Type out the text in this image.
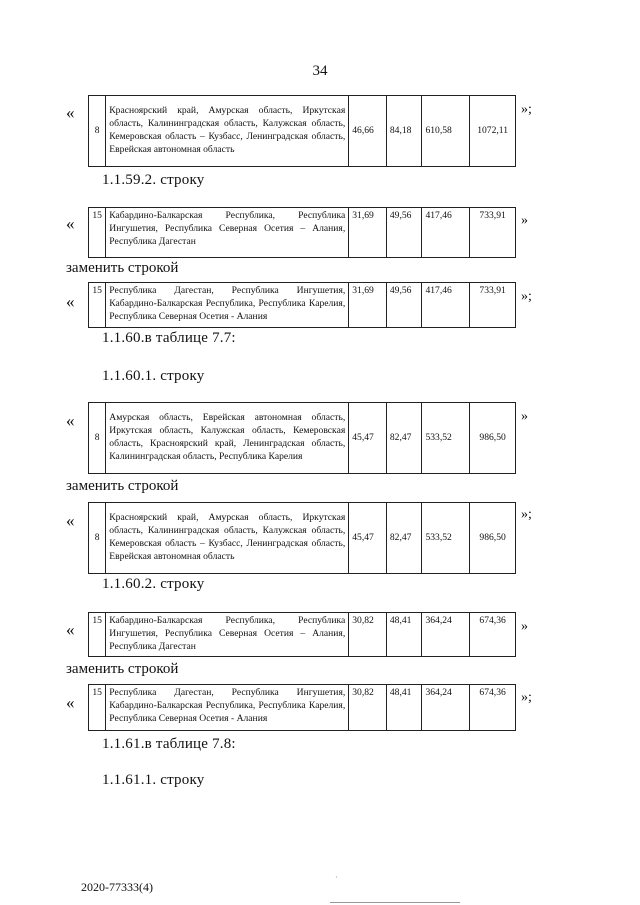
34
«
8	Красноярский край, Амурская область, Иркутская область, Калининградская область, Калужская область, Кемеровская область – Кузбасс, Ленинградская область, Еврейская автономная область	46,66	84,18	610,58	1072,11
»;
1.1.59.2. строку
« 15	Кабардино-Балкарская Республика, Республика Ингушетия, Республика Северная Осетия – Алания, Республика Дагестан	31,69	49,56	417,46	733,91 »
заменить строкой
«
15	Республика Дагестан, Республика Ингушетия, Кабардино-Балкарская Республика, Республика Карелия, Республика Северная Осетия - Алания	31,69	49,56	417,46	733,91 »;
1.1.60.в таблице 7.7:
1.1.60.1. строку
«
8	Амурская область, Еврейская автономная область, Иркутская область, Калужская область, Кемеровская область, Красноярский край, Ленинградская область, Калининградская область, Республика Карелия	45,47	82,47	533,52	986,50
»
заменить строкой
«
8	Красноярский край, Амурская область, Иркутская область, Калининградская область, Калужская область, Кемеровская область – Кузбасс, Ленинградская область, Еврейская автономная область	45,47	82,47	533,52	986,50
»;
1.1.60.2. строку
« 15	Кабардино-Балкарская Республика, Республика Ингушетия, Республика Северная Осетия – Алания, Республика Дагестан	30,82	48,41	364,24	674,36 »
заменить строкой
«
15	Республика Дагестан, Республика Ингушетия, Кабардино-Балкарская Республика, Республика Карелия, Республика Северная Осетия - Алания	30,82	48,41	364,24	674,36 »;
1.1.61.в таблице 7.8:
1.1.61.1. строку
2020-77333(4)
·
